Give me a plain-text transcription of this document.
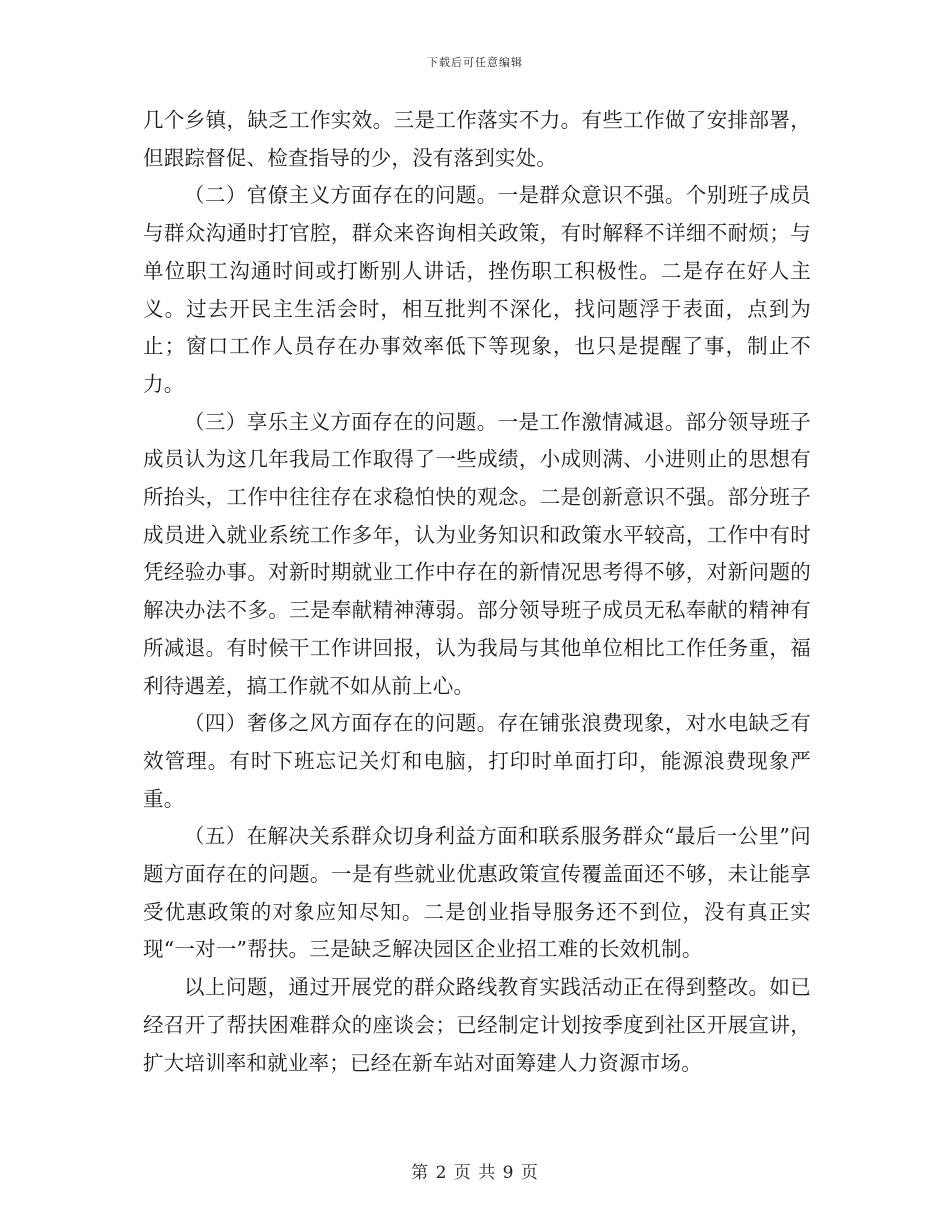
下载后可任意编辑

几个乡镇，缺乏工作实效。三是工作落实不力。有些工作做了安排部署，但跟踪督促、检查指导的少，没有落到实处。

（二）官僚主义方面存在的问题。一是群众意识不强。个别班子成员与群众沟通时打官腔，群众来咨询相关政策，有时解释不详细不耐烦；与单位职工沟通时间或打断别人讲话，挫伤职工积极性。二是存在好人主义。过去开民主生活会时，相互批判不深化，找问题浮于表面，点到为止；窗口工作人员存在办事效率低下等现象，也只是提醒了事，制止不力。

（三）享乐主义方面存在的问题。一是工作激情减退。部分领导班子成员认为这几年我局工作取得了一些成绩，小成则满、小进则止的思想有所抬头，工作中往往存在求稳怕快的观念。二是创新意识不强。部分班子成员进入就业系统工作多年，认为业务知识和政策水平较高，工作中有时凭经验办事。对新时期就业工作中存在的新情况思考得不够，对新问题的解决办法不多。三是奉献精神薄弱。部分领导班子成员无私奉献的精神有所减退。有时候干工作讲回报，认为我局与其他单位相比工作任务重，福利待遇差，搞工作就不如从前上心。

（四）奢侈之风方面存在的问题。存在铺张浪费现象，对水电缺乏有效管理。有时下班忘记关灯和电脑，打印时单面打印，能源浪费现象严重。

（五）在解决关系群众切身利益方面和联系服务群众“最后一公里”问题方面存在的问题。一是有些就业优惠政策宣传覆盖面还不够，未让能享受优惠政策的对象应知尽知。二是创业指导服务还不到位，没有真正实现“一对一”帮扶。三是缺乏解决园区企业招工难的长效机制。

以上问题，通过开展党的群众路线教育实践活动正在得到整改。如已经召开了帮扶困难群众的座谈会；已经制定计划按季度到社区开展宣讲，扩大培训率和就业率；已经在新车站对面筹建人力资源市场。

第 2 页 共 9 页
